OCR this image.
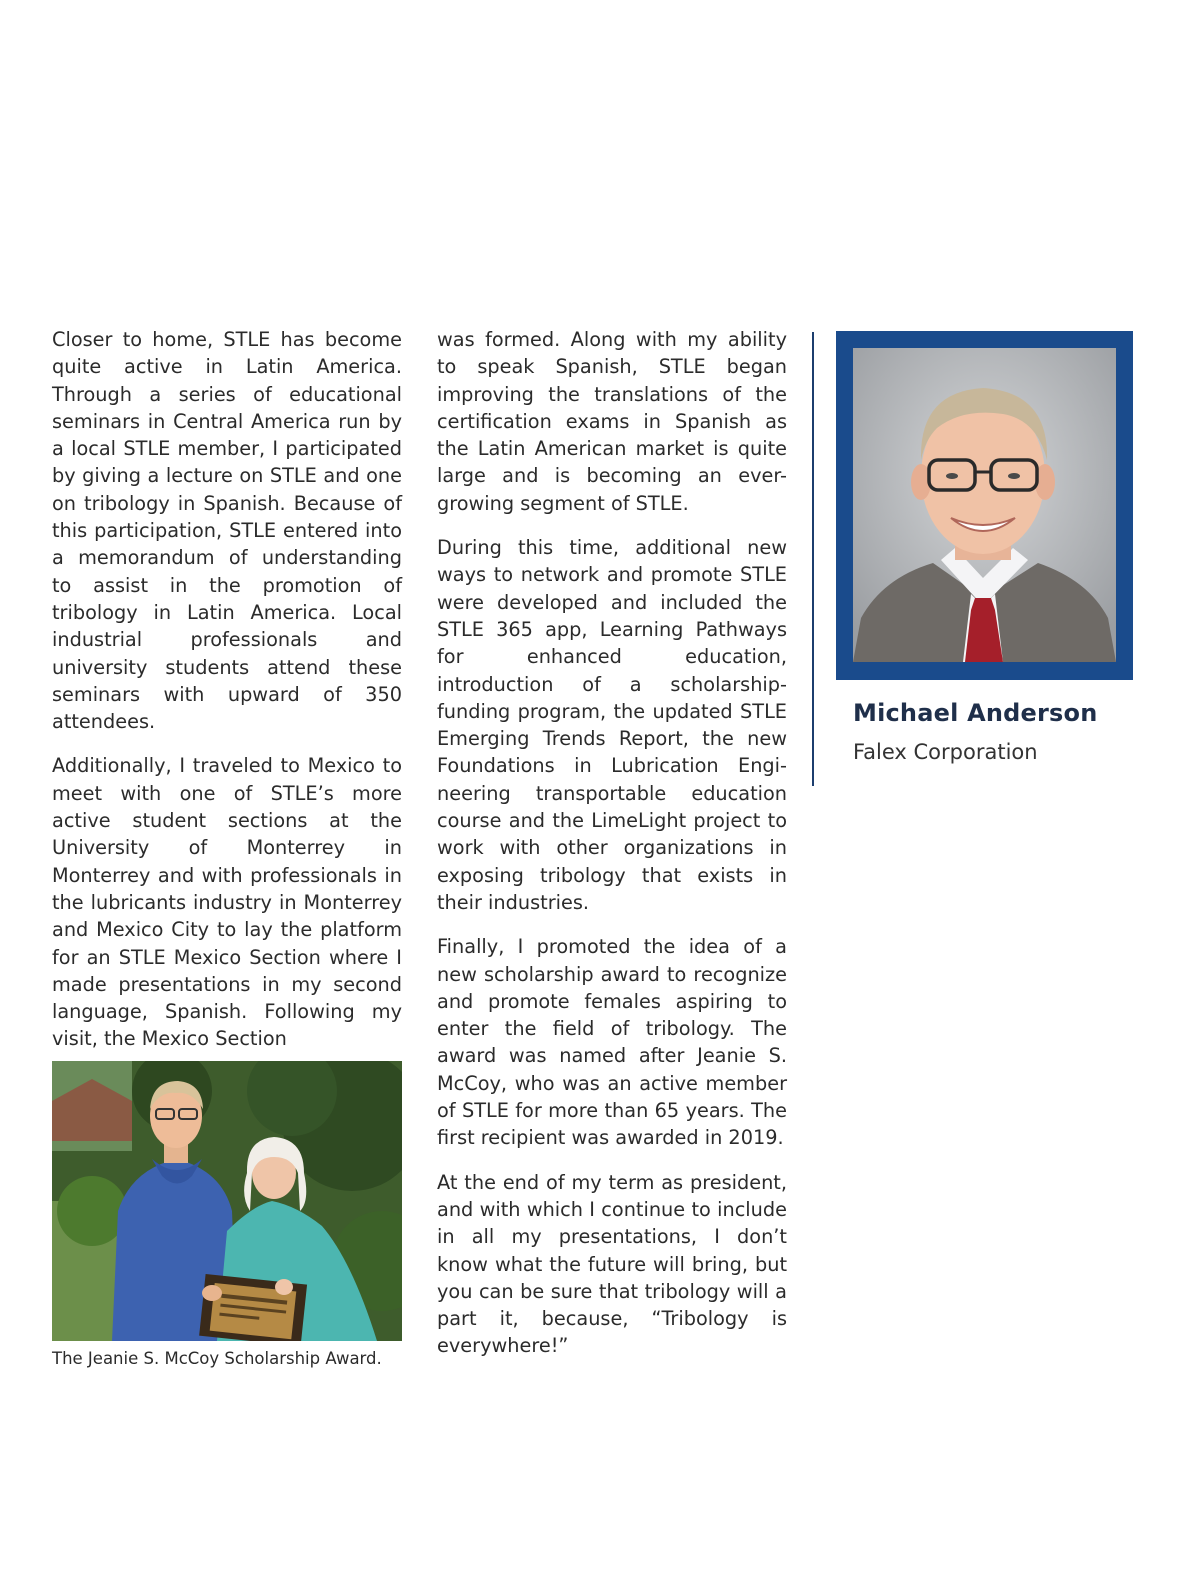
Closer to home, STLE has become quite active in Latin America. Through a series of educational seminars in Central America run by a local STLE member, I participated by giving a lecture on STLE and one on tribology in Spanish. Because of this participation, STLE entered into a memorandum of understanding to assist in the promotion of tribology in Latin America. Local industrial professionals and university students attend these seminars with upward of 350 attendees.

Additionally, I traveled to Mexico to meet with one of STLE’s more active student sections at the University of Monterrey in Monterrey and with professionals in the lubricants industry in Monterrey and Mexico City to lay the platform for an STLE Mexico Section where I made presentations in my second language, Spanish. Following my visit, the Mexico Section

The Jeanie S. McCoy Scholarship Award.

was formed. Along with my ability to speak Spanish, STLE began improving the translations of the certification exams in Spanish as the Latin American market is quite large and is becoming an ever-growing segment of STLE.

During this time, additional new ways to network and promote STLE were developed and included the STLE 365 app, Learning Pathways for enhanced education, introduction of a scholarship-funding program, the updated STLE Emerging Trends Report, the new Foundations in Lubrication Engineering transportable education course and the LimeLight project to work with other organizations in exposing tribology that exists in their industries.

Finally, I promoted the idea of a new scholarship award to recognize and promote females aspiring to enter the field of tribology. The award was named after Jeanie S. McCoy, who was an active member of STLE for more than 65 years. The first recipient was awarded in 2019.

At the end of my term as president, and with which I continue to include in all my presentations, I don’t know what the future will bring, but you can be sure that tribology will a part it, because, “Tribology is everywhere!”

Michael Anderson
Falex Corporation
